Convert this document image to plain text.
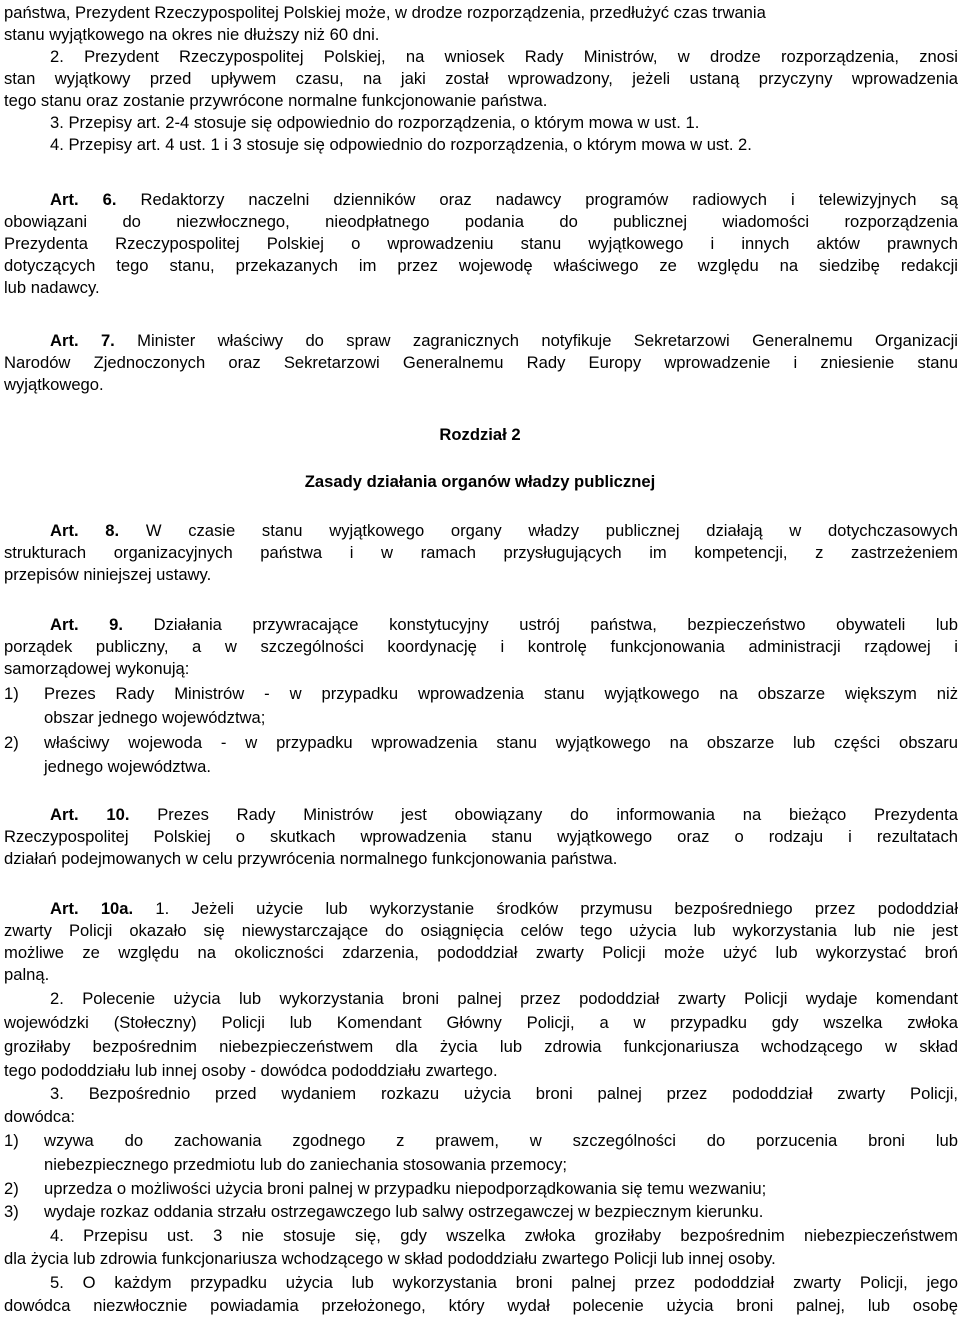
państwa, Prezydent Rzeczypospolitej Polskiej może, w drodze rozporządzenia, przedłużyć czas trwania
stanu wyjątkowego na okres nie dłuższy niż 60 dni.
2. Prezydent Rzeczypospolitej Polskiej, na wniosek Rady Ministrów, w drodze rozporządzenia, znosi
stan wyjątkowy przed upływem czasu, na jaki został wprowadzony, jeżeli ustaną przyczyny wprowadzenia
tego stanu oraz zostanie przywrócone normalne funkcjonowanie państwa.
3. Przepisy art. 2-4 stosuje się odpowiednio do rozporządzenia, o którym mowa w ust. 1.
4. Przepisy art. 4 ust. 1 i 3 stosuje się odpowiednio do rozporządzenia, o którym mowa w ust. 2.
Art. 6. Redaktorzy naczelni dzienników oraz nadawcy programów radiowych i telewizyjnych są
obowiązani do niezwłocznego, nieodpłatnego podania do publicznej wiadomości rozporządzenia
Prezydenta Rzeczypospolitej Polskiej o wprowadzeniu stanu wyjątkowego i innych aktów prawnych
dotyczących tego stanu, przekazanych im przez wojewodę właściwego ze względu na siedzibę redakcji
lub nadawcy.
Art. 7. Minister właściwy do spraw zagranicznych notyfikuje Sekretarzowi Generalnemu Organizacji
Narodów Zjednoczonych oraz Sekretarzowi Generalnemu Rady Europy wprowadzenie i zniesienie stanu
wyjątkowego.
Rozdział 2
Zasady działania organów władzy publicznej
Art. 8. W czasie stanu wyjątkowego organy władzy publicznej działają w dotychczasowych
strukturach organizacyjnych państwa i w ramach przysługujących im kompetencji, z zastrzeżeniem
przepisów niniejszej ustawy.
Art. 9. Działania przywracające konstytucyjny ustrój państwa, bezpieczeństwo obywateli lub
porządek publiczny, a w szczególności koordynację i kontrolę funkcjonowania administracji rządowej i
samorządowej wykonują:
1)	Prezes Rady Ministrów - w przypadku wprowadzenia stanu wyjątkowego na obszarze większym niż
obszar jednego województwa;
2)	właściwy wojewoda - w przypadku wprowadzenia stanu wyjątkowego na obszarze lub części obszaru
jednego województwa.
Art. 10. Prezes Rady Ministrów jest obowiązany do informowania na bieżąco Prezydenta
Rzeczypospolitej Polskiej o skutkach wprowadzenia stanu wyjątkowego oraz o rodzaju i rezultatach
działań podejmowanych w celu przywrócenia normalnego funkcjonowania państwa.
Art. 10a. 1. Jeżeli użycie lub wykorzystanie środków przymusu bezpośredniego przez pododdział
zwarty Policji okazało się niewystarczające do osiągnięcia celów tego użycia lub wykorzystania lub nie jest
możliwe ze względu na okoliczności zdarzenia, pododdział zwarty Policji może użyć lub wykorzystać broń
palną.
2. Polecenie użycia lub wykorzystania broni palnej przez pododdział zwarty Policji wydaje komendant
wojewódzki (Stołeczny) Policji lub Komendant Główny Policji, a w przypadku gdy wszelka zwłoka
groziłaby bezpośrednim niebezpieczeństwem dla życia lub zdrowia funkcjonariusza wchodzącego w skład
tego pododdziału lub innej osoby - dowódca pododdziału zwartego.
3. Bezpośrednio przed wydaniem rozkazu użycia broni palnej przez pododdział zwarty Policji,
dowódca:
1)	wzywa do zachowania zgodnego z prawem, w szczególności do porzucenia broni lub
niebezpiecznego przedmiotu lub do zaniechania stosowania przemocy;
2)	uprzedza o możliwości użycia broni palnej w przypadku niepodporządkowania się temu wezwaniu;
3)	wydaje rozkaz oddania strzału ostrzegawczego lub salwy ostrzegawczej w bezpiecznym kierunku.
4. Przepisu ust. 3 nie stosuje się, gdy wszelka zwłoka groziłaby bezpośrednim niebezpieczeństwem
dla życia lub zdrowia funkcjonariusza wchodzącego w skład pododdziału zwartego Policji lub innej osoby.
5. O każdym przypadku użycia lub wykorzystania broni palnej przez pododdział zwarty Policji, jego
dowódca niezwłocznie powiadamia przełożonego, który wydał polecenie użycia broni palnej, lub osobę
